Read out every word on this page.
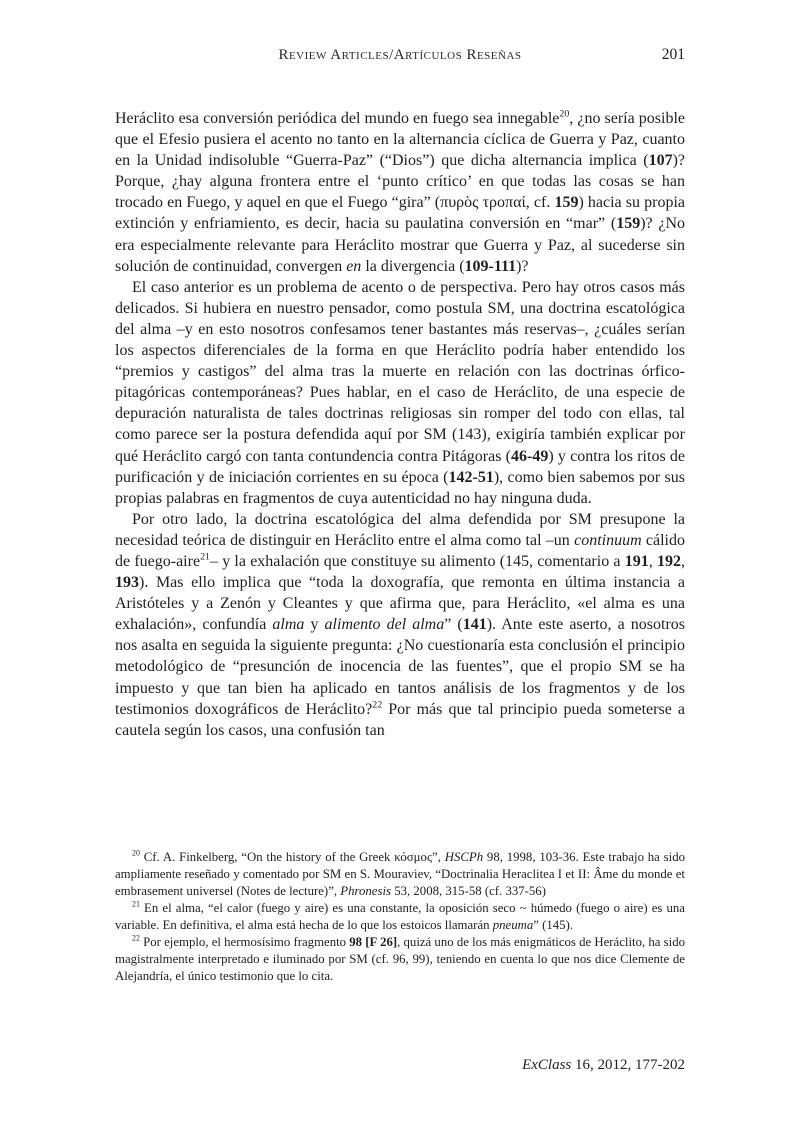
Review Articles/Artículos Reseñas	201

Heráclito esa conversión periódica del mundo en fuego sea innegable$^{20}$, ¿no sería posible que el Efesio pusiera el acento no tanto en la alternancia cíclica de Guerra y Paz, cuanto en la Unidad indisoluble “Guerra-Paz” (“Dios”) que dicha alternancia implica (107)? Porque, ¿hay alguna frontera entre el ‘punto crítico’ en que todas las cosas se han trocado en Fuego, y aquel en que el Fuego “gira” (πυρὸς τροπαί, cf. 159) hacia su propia extinción y enfriamiento, es decir, hacia su paulatina conversión en “mar” (159)? ¿No era especialmente relevante para Heráclito mostrar que Guerra y Paz, al sucederse sin solución de continuidad, convergen en la divergencia (109-111)?

El caso anterior es un problema de acento o de perspectiva. Pero hay otros casos más delicados. Si hubiera en nuestro pensador, como postula SM, una doctrina escatológica del alma –y en esto nosotros confesamos tener bastantes más reservas–, ¿cuáles serían los aspectos diferenciales de la forma en que Heráclito podría haber entendido los “premios y castigos” del alma tras la muerte en relación con las doctrinas órfico-pitagóricas contemporáneas? Pues hablar, en el caso de Heráclito, de una especie de depuración naturalista de tales doctrinas religiosas sin romper del todo con ellas, tal como parece ser la postura defendida aquí por SM (143), exigiría también explicar por qué Heráclito cargó con tanta contundencia contra Pitágoras (46-49) y contra los ritos de purificación y de iniciación corrientes en su época (142-51), como bien sabemos por sus propias palabras en fragmentos de cuya autenticidad no hay ninguna duda.

Por otro lado, la doctrina escatológica del alma defendida por SM presupone la necesidad teórica de distinguir en Heráclito entre el alma como tal –un continuum cálido de fuego-aire$^{21}$– y la exhalación que constituye su alimento (145, comentario a 191, 192, 193). Mas ello implica que “toda la doxografía, que remonta en última instancia a Aristóteles y a Zenón y Cleantes y que afirma que, para Heráclito, «el alma es una exhalación», confundía alma y alimento del alma” (141). Ante este aserto, a nosotros nos asalta en seguida la siguiente pregunta: ¿No cuestionaría esta conclusión el principio metodológico de “presunción de inocencia de las fuentes”, que el propio SM se ha impuesto y que tan bien ha aplicado en tantos análisis de los fragmentos y de los testimonios doxográficos de Heráclito?$^{22}$ Por más que tal principio pueda someterse a cautela según los casos, una confusión tan

$^{20}$ Cf. A. Finkelberg, “On the history of the Greek κόσμος”, HSCPh 98, 1998, 103-36. Este trabajo ha sido ampliamente reseñado y comentado por SM en S. Mouraviev, “Doctrinalia Heraclitea I et II: Âme du monde et embrasement universel (Notes de lecture)”, Phronesis 53, 2008, 315-58 (cf. 337-56)

$^{21}$ En el alma, “el calor (fuego y aire) es una constante, la oposición seco ~ húmedo (fuego o aire) es una variable. En definitiva, el alma está hecha de lo que los estoicos llamarán pneuma” (145).

$^{22}$ Por ejemplo, el hermosísimo fragmento 98 [F 26], quizá uno de los más enigmáticos de Heráclito, ha sido magistralmente interpretado e iluminado por SM (cf. 96, 99), teniendo en cuenta lo que nos dice Clemente de Alejandría, el único testimonio que lo cita.

ExClass 16, 2012, 177-202
